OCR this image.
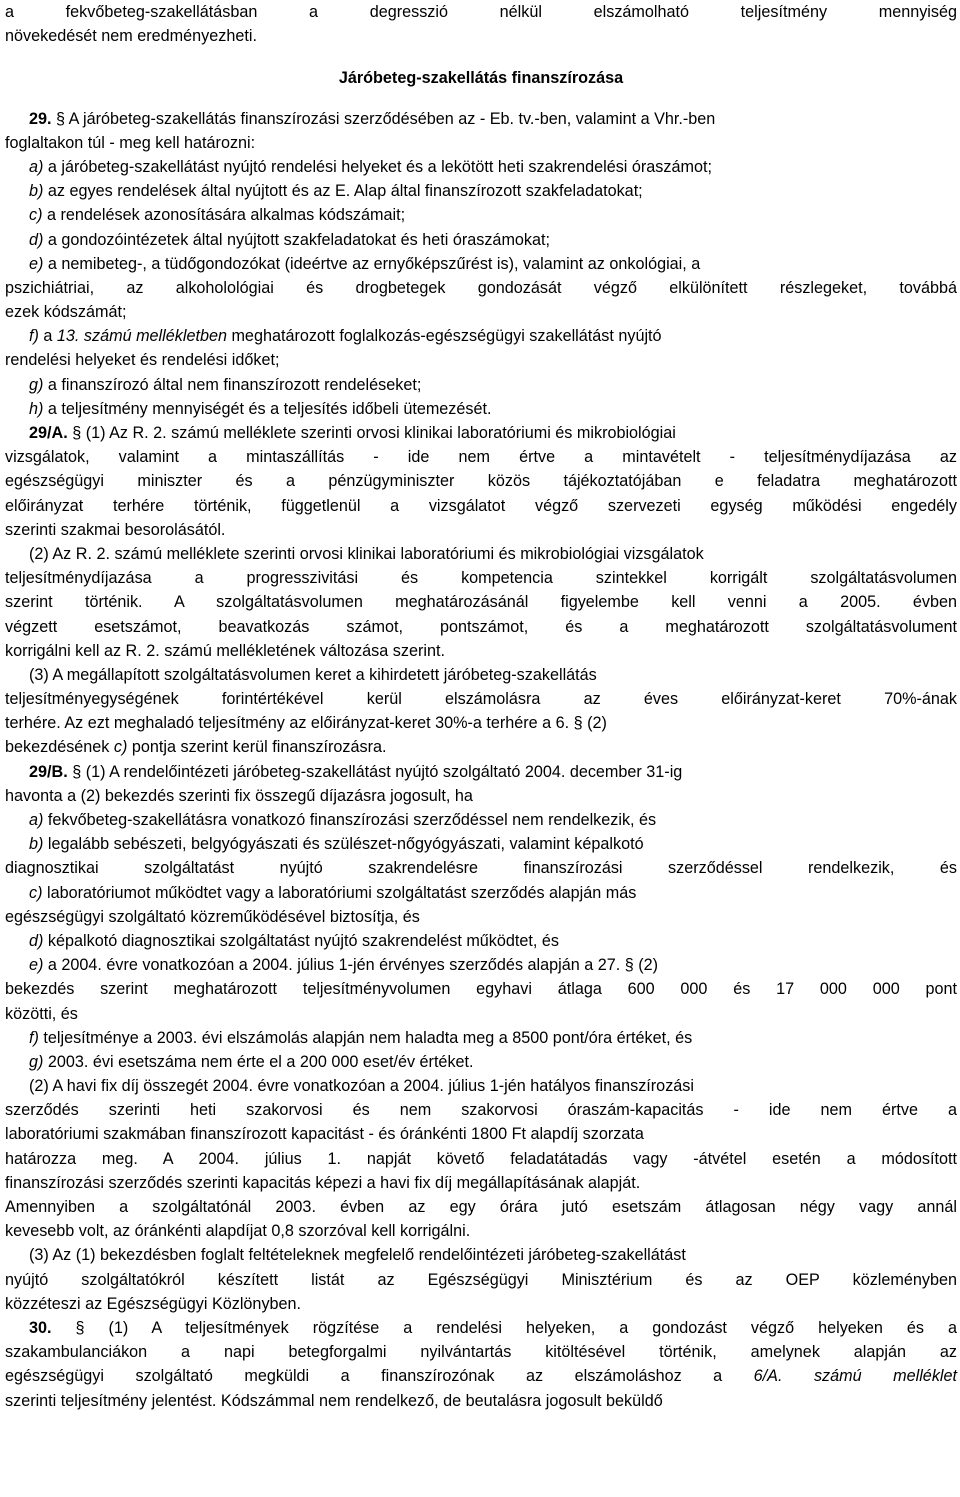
a fekvőbeteg-szakellátásban a degresszió nélkül elszámolható teljesítmény mennyiség
növekedését nem eredményezheti.
Járóbeteg-szakellátás finanszírozása
29. § A járóbeteg-szakellátás finanszírozási szerződésében az - Eb. tv.-ben, valamint a Vhr.-ben
foglaltakon túl - meg kell határozni:
a) a járóbeteg-szakellátást nyújtó rendelési helyeket és a lekötött heti szakrendelési óraszámot;
b) az egyes rendelések által nyújtott és az E. Alap által finanszírozott szakfeladatokat;
c) a rendelések azonosítására alkalmas kódszámait;
d) a gondozóintézetek által nyújtott szakfeladatokat és heti óraszámokat;
e) a nemibeteg-, a tüdőgondozókat (ideértve az ernyőképszűrést is), valamint az onkológiai, a
pszichiátriai, az alkoholológiai és drogbetegek gondozását végző elkülönített részlegeket, továbbá
ezek kódszámát;
f) a 13. számú mellékletben meghatározott foglalkozás-egészségügyi szakellátást nyújtó
rendelési helyeket és rendelési időket;
g) a finanszírozó által nem finanszírozott rendeléseket;
h) a teljesítmény mennyiségét és a teljesítés időbeli ütemezését.
29/A. § (1) Az R. 2. számú melléklete szerinti orvosi klinikai laboratóriumi és mikrobiológiai
vizsgálatok, valamint a mintaszállítás - ide nem értve a mintavételt - teljesítménydíjazása az
egészségügyi miniszter és a pénzügyminiszter közös tájékoztatójában e feladatra meghatározott
előirányzat terhére történik, függetlenül a vizsgálatot végző szervezeti egység működési engedély
szerinti szakmai besorolásától.
(2) Az R. 2. számú melléklete szerinti orvosi klinikai laboratóriumi és mikrobiológiai vizsgálatok
teljesítménydíjazása a progresszivitási és kompetencia szintekkel korrigált szolgáltatásvolumen
szerint történik. A szolgáltatásvolumen meghatározásánál figyelembe kell venni a 2005. évben
végzett esetszámot, beavatkozás számot, pontszámot, és a meghatározott szolgáltatásvolument
korrigálni kell az R. 2. számú mellékletének változása szerint.
(3) A megállapított szolgáltatásvolumen keret a kihirdetett járóbeteg-szakellátás
teljesítményegységének forintértékével kerül elszámolásra az éves előirányzat-keret 70%-ának
terhére. Az ezt meghaladó teljesítmény az előirányzat-keret 30%-a terhére a 6. § (2)
bekezdésének c) pontja szerint kerül finanszírozásra.
29/B. § (1) A rendelőintézeti járóbeteg-szakellátást nyújtó szolgáltató 2004. december 31-ig
havonta a (2) bekezdés szerinti fix összegű díjazásra jogosult, ha
a) fekvőbeteg-szakellátásra vonatkozó finanszírozási szerződéssel nem rendelkezik, és
b) legalább sebészeti, belgyógyászati és szülészet-nőgyógyászati, valamint képalkotó
diagnosztikai szolgáltatást nyújtó szakrendelésre finanszírozási szerződéssel rendelkezik, és
c) laboratóriumot működtet vagy a laboratóriumi szolgáltatást szerződés alapján más
egészségügyi szolgáltató közreműködésével biztosítja, és
d) képalkotó diagnosztikai szolgáltatást nyújtó szakrendelést működtet, és
e) a 2004. évre vonatkozóan a 2004. július 1-jén érvényes szerződés alapján a 27. § (2)
bekezdés szerint meghatározott teljesítményvolumen egyhavi átlaga 600 000 és 17 000 000 pont
közötti, és
f) teljesítménye a 2003. évi elszámolás alapján nem haladta meg a 8500 pont/óra értéket, és
g) 2003. évi esetszáma nem érte el a 200 000 eset/év értéket.
(2) A havi fix díj összegét 2004. évre vonatkozóan a 2004. július 1-jén hatályos finanszírozási
szerződés szerinti heti szakorvosi és nem szakorvosi óraszám-kapacitás - ide nem értve a
laboratóriumi szakmában finanszírozott kapacitást - és óránkénti 1800 Ft alapdíj szorzata
határozza meg. A 2004. július 1. napját követő feladatátadás vagy -átvétel esetén a módosított
finanszírozási szerződés szerinti kapacitás képezi a havi fix díj megállapításának alapját.
Amennyiben a szolgáltatónál 2003. évben az egy órára jutó esetszám átlagosan négy vagy annál
kevesebb volt, az óránkénti alapdíjat 0,8 szorzóval kell korrigálni.
(3) Az (1) bekezdésben foglalt feltételeknek megfelelő rendelőintézeti járóbeteg-szakellátást
nyújtó szolgáltatókról készített listát az Egészségügyi Minisztérium és az OEP közleményben
közzéteszi az Egészségügyi Közlönyben.
30. § (1) A teljesítmények rögzítése a rendelési helyeken, a gondozást végző helyeken és a
szakambulanciákon a napi betegforgalmi nyilvántartás kitöltésével történik, amelynek alapján az
egészségügyi szolgáltató megküldi a finanszírozónak az elszámoláshoz a 6/A. számú melléklet
szerinti teljesítmény jelentést. Kódszámmal nem rendelkező, de beutalásra jogosult beküldő
